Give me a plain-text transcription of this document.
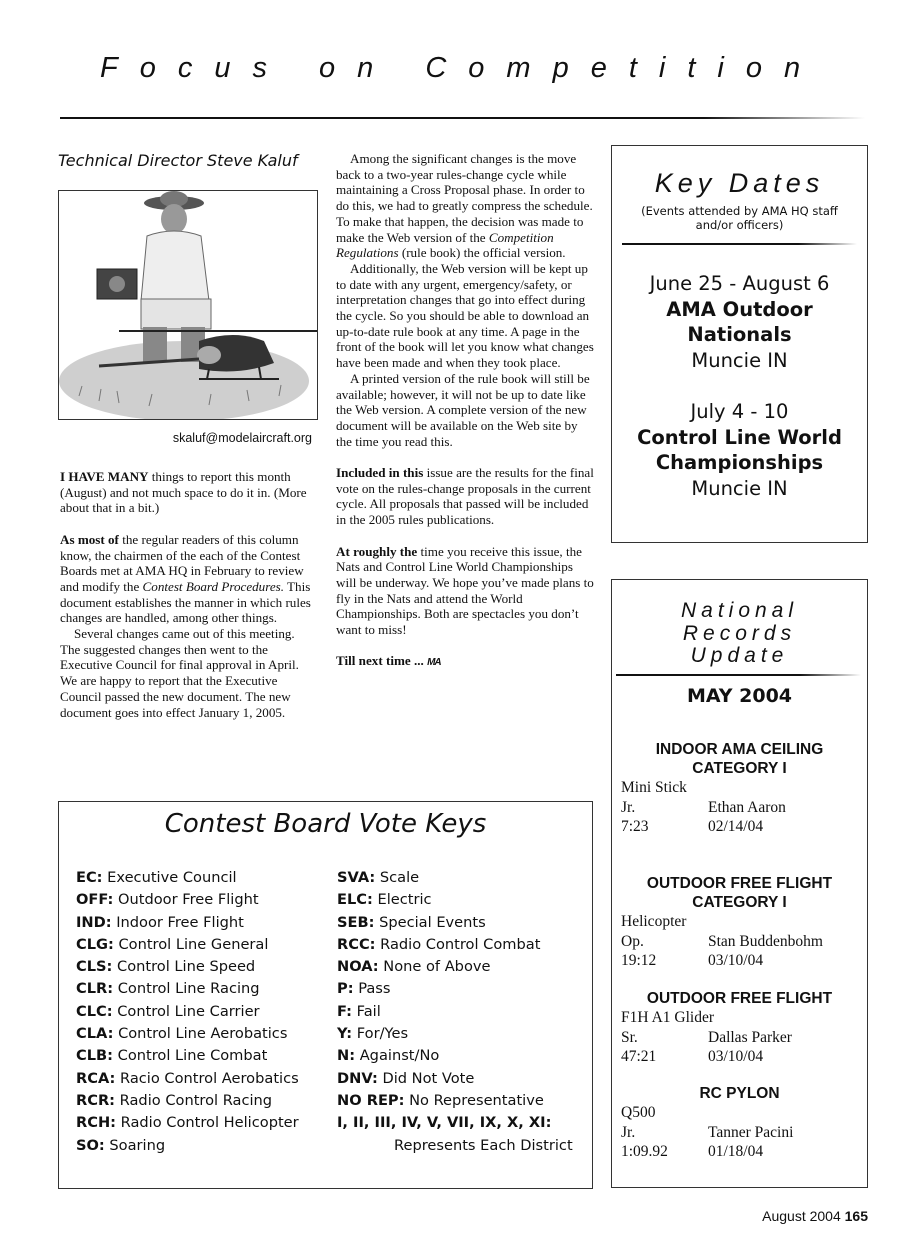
Focus on Competition
Technical Director Steve Kaluf
skaluf@modelaircraft.org

I HAVE MANY things to report this month (August) and not much space to do it in. (More about that in a bit.)

As most of the regular readers of this column know, the chairmen of the each of the Contest Boards met at AMA HQ in February to review and modify the Contest Board Procedures. This document establishes the manner in which rules changes are handled, among other things.

Several changes came out of this meeting. The suggested changes then went to the Executive Council for final approval in April. We are happy to report that the Executive Council passed the new document. The new document goes into effect January 1, 2005.

Among the significant changes is the move back to a two-year rules-change cycle while maintaining a Cross Proposal phase. In order to do this, we had to greatly compress the schedule. To make that happen, the decision was made to make the Web version of the Competition Regulations (rule book) the official version.

Additionally, the Web version will be kept up to date with any urgent, emergency/safety, or interpretation changes that go into effect during the cycle. So you should be able to download an up-to-date rule book at any time. A page in the front of the book will let you know what changes have been made and when they took place.

A printed version of the rule book will still be available; however, it will not be up to date like the Web version. A complete version of the new document will be available on the Web site by the time you read this.

Included in this issue are the results for the final vote on the rules-change proposals in the current cycle. All proposals that passed will be included in the 2005 rules publications.

At roughly the time you receive this issue, the Nats and Control Line World Championships will be underway. We hope you’ve made plans to fly in the Nats and attend the World Championships. Both are spectacles you don’t want to miss!

Till next time ... MA

Contest Board Vote Keys
EC: Executive Council
OFF: Outdoor Free Flight
IND: Indoor Free Flight
CLG: Control Line General
CLS: Control Line Speed
CLR: Control Line Racing
CLC: Control Line Carrier
CLA: Control Line Aerobatics
CLB: Control Line Combat
RCA: Racio Control Aerobatics
RCR: Radio Control Racing
RCH: Radio Control Helicopter
SO: Soaring
SVA: Scale
ELC: Electric
SEB: Special Events
RCC: Radio Control Combat
NOA: None of Above
P: Pass
F: Fail
Y: For/Yes
N: Against/No
DNV: Did Not Vote
NO REP: No Representative
I, II, III, IV, V, VII, IX, X, XI:
Represents Each District
Key Dates
(Events attended by AMA HQ staff and/or officers)
June 25 - August 6
AMA Outdoor
Nationals
Muncie IN
July 4 - 10
Control Line World
Championships
Muncie IN
National
Records
Update
MAY 2004
INDOOR AMA CEILING
CATEGORY I
Mini Stick
Jr.	Ethan Aaron
7:23	02/14/04
OUTDOOR FREE FLIGHT
CATEGORY I
Helicopter
Op.	Stan Buddenbohm
19:12	03/10/04
OUTDOOR FREE FLIGHT
F1H A1 Glider
Sr.	Dallas Parker
47:21	03/10/04
RC PYLON
Q500
Jr.	Tanner Pacini
1:09.92	01/18/04
August 2004 165
